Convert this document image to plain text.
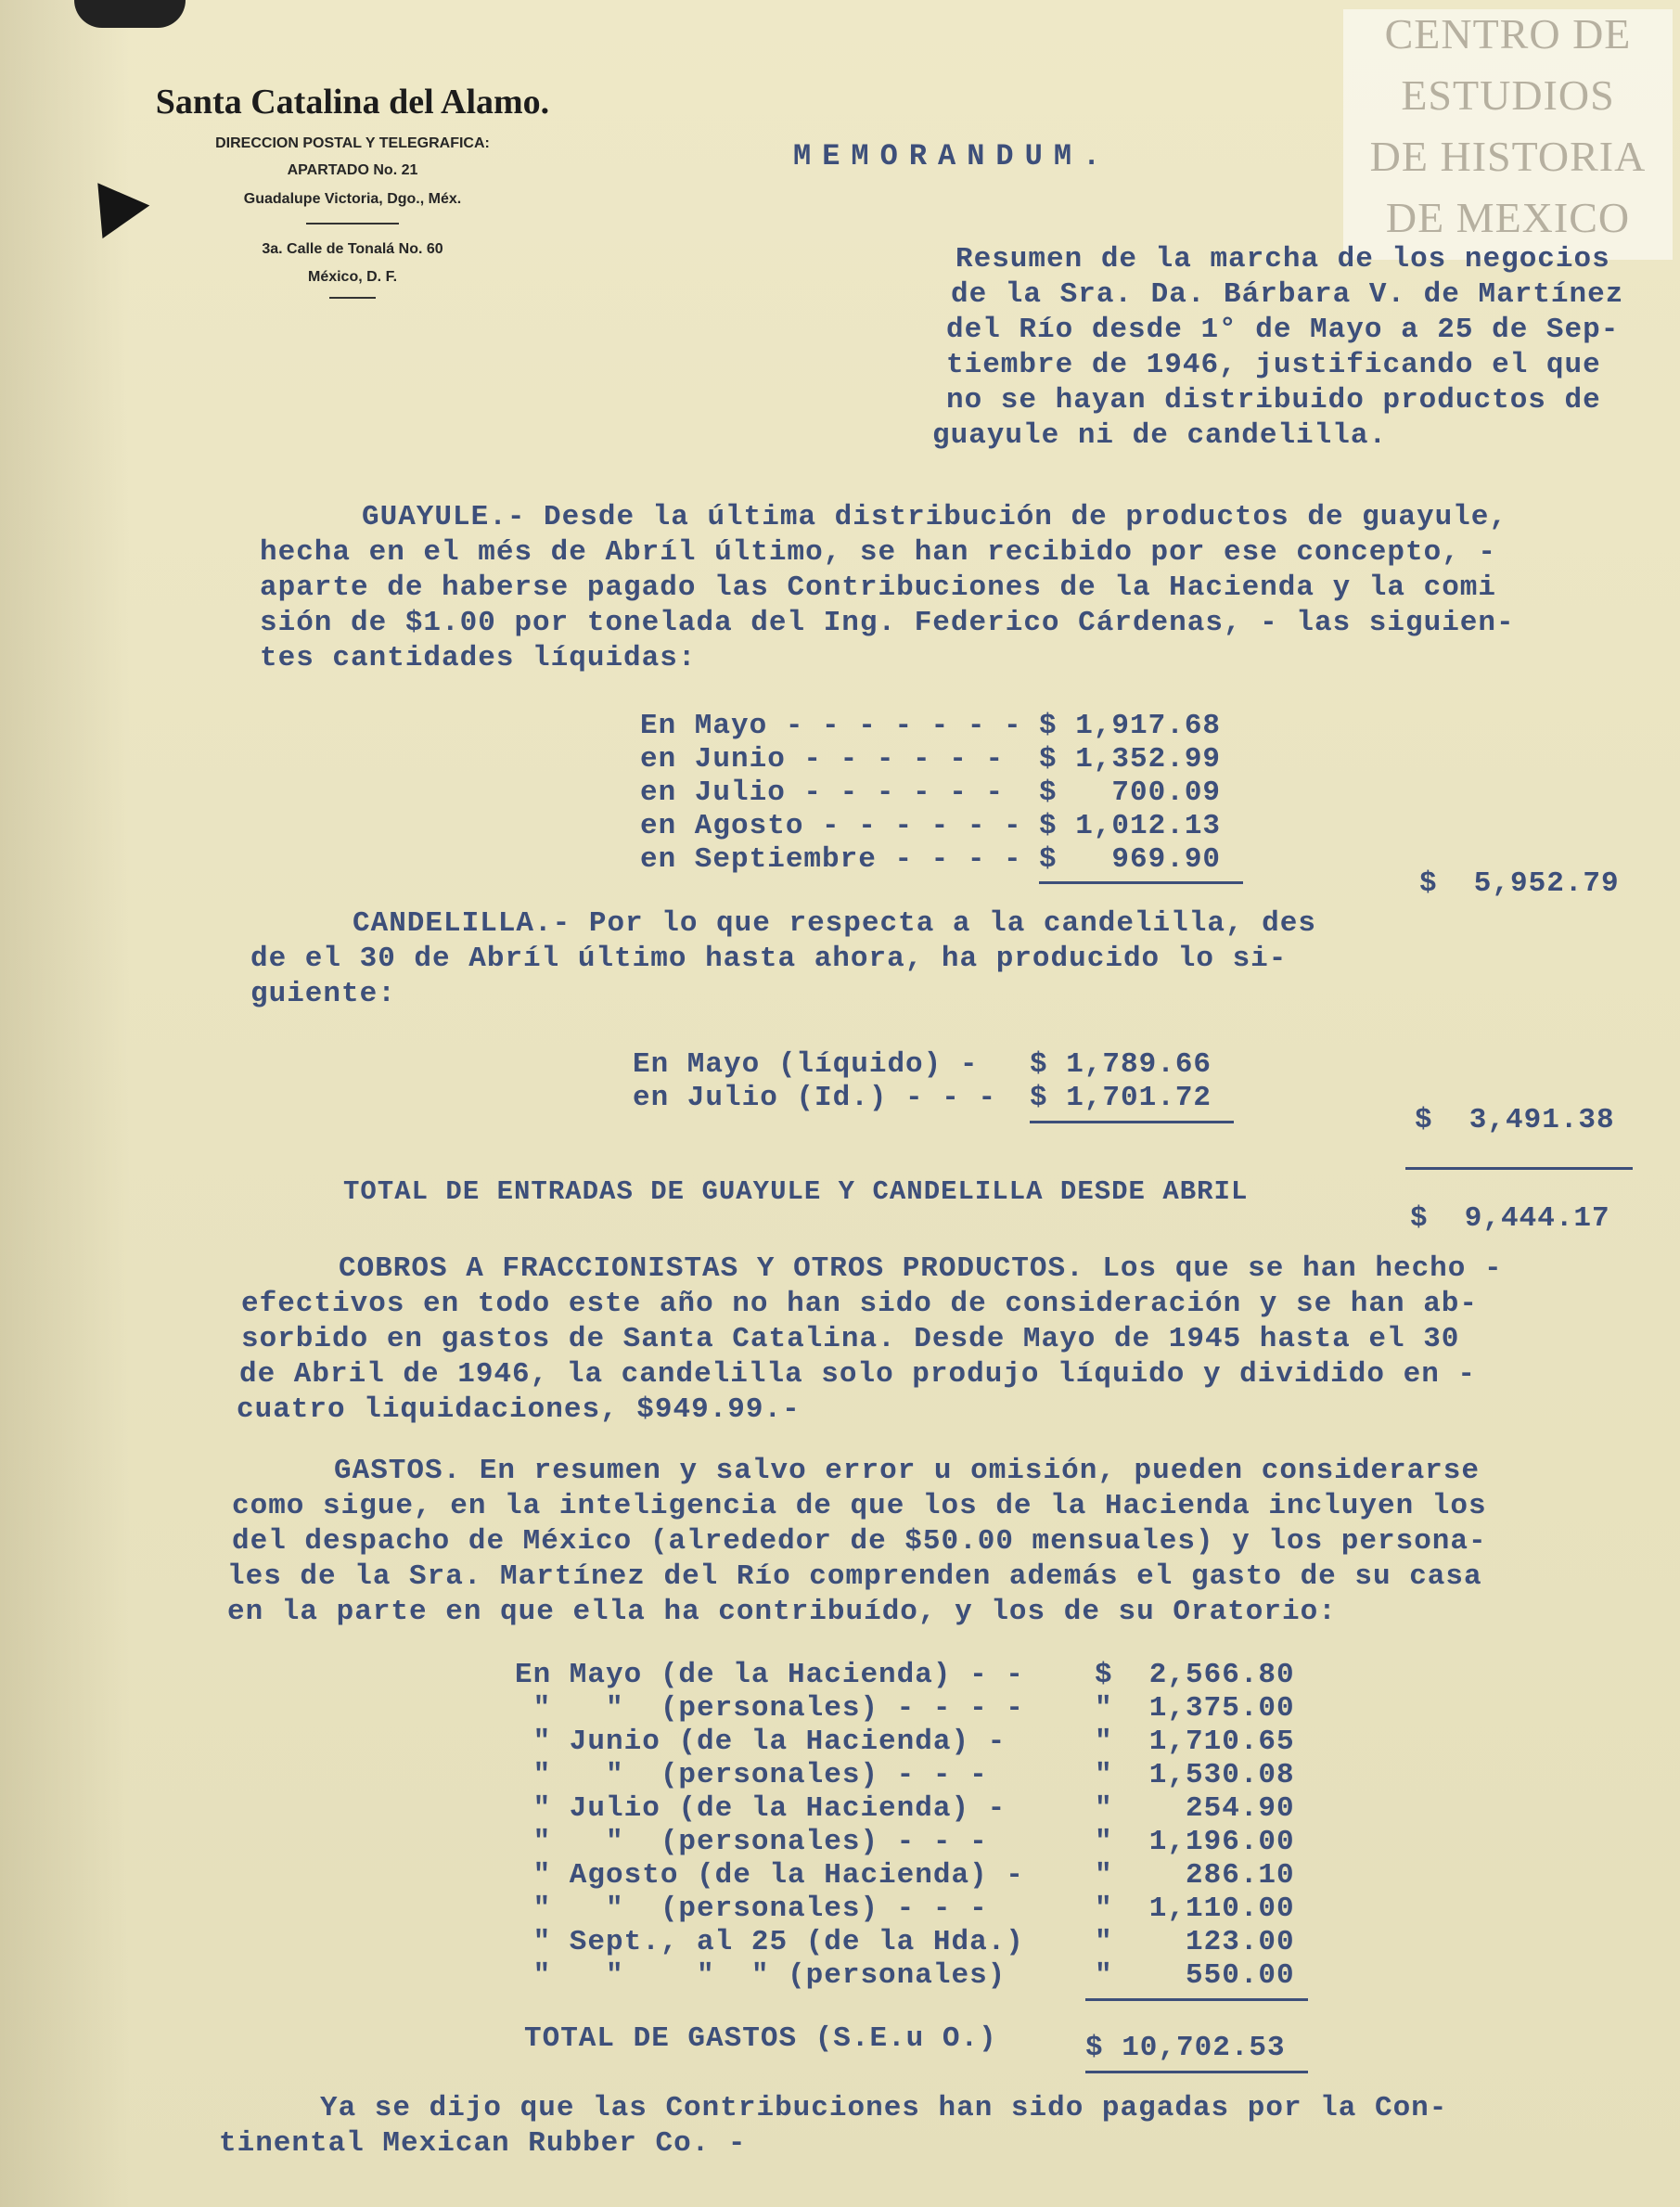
CENTRO DE
ESTUDIOS
DE HISTORIA
DE MEXICO
Santa Catalina del Alamo.
DIRECCION POSTAL Y TELEGRAFICA:
APARTADO No. 21
Guadalupe Victoria, Dgo., Méx.
3a. Calle de Tonalá No. 60
México, D. F.
MEMORANDUM.
Resumen de la marcha de los negocios
de la Sra. Da. Bárbara V. de Martínez
del Río desde 1° de Mayo a 25 de Sep-
tiembre de 1946, justificando el que
no se hayan distribuido productos de
guayule ni de candelilla.
GUAYULE.- Desde la última distribución de productos de guayule,
hecha en el més de Abríl último, se han recibido por ese concepto, -
aparte de haberse pagado las Contribuciones de la Hacienda y la comi
sión de $1.00 por tonelada del Ing. Federico Cárdenas, - las siguien-
tes cantidades líquidas:
En Mayo - - - - - - - $ 1,917.68
en Junio - - - - - - $ 1,352.99
en Julio - - - - - - $   700.09
en Agosto - - - - - - $ 1,012.13
en Septiembre - - - - $   969.90
$  5,952.79
CANDELILLA.- Por lo que respecta a la candelilla, des
de el 30 de Abríl último hasta ahora, ha producido lo si-
guiente:
En Mayo (líquido) - $ 1,789.66
en Julio (Id.) - - - $ 1,701.72
$  3,491.38
TOTAL DE ENTRADAS DE GUAYULE Y CANDELILLA DESDE ABRIL
$  9,444.17
COBROS A FRACCIONISTAS Y OTROS PRODUCTOS. Los que se han hecho -
efectivos en todo este año no han sido de consideración y se han ab-
sorbido en gastos de Santa Catalina. Desde Mayo de 1945 hasta el 30
de Abril de 1946, la candelilla solo produjo líquido y dividido en -
cuatro liquidaciones, $949.99.-
GASTOS. En resumen y salvo error u omisión, pueden considerarse
como sigue, en la inteligencia de que los de la Hacienda incluyen los
del despacho de México (alrededor de $50.00 mensuales) y los persona-
les de la Sra. Martínez del Río comprenden además el gasto de su casa
en la parte en que ella ha contribuído, y los de su Oratorio:
En Mayo (de la Hacienda) - - $  2,566.80
"   "  (personales) - - - - "  1,375.00
" Junio (de la Hacienda) -	"  1,710.65
"   "  (personales) - - -	"  1,530.08
" Julio (de la Hacienda) -	"    254.90
"   "  (personales) - - -	"  1,196.00
" Agosto (de la Hacienda) - "    286.10
"   "  (personales) - - -	"  1,110.00
" Sept., al 25 (de la Hda.) "    123.00
"   "    "  " (personales)	"    550.00
TOTAL DE GASTOS (S.E.u O.)	$ 10,702.53
Ya se dijo que las Contribuciones han sido pagadas por la Con-
tinental Mexican Rubber Co. -
